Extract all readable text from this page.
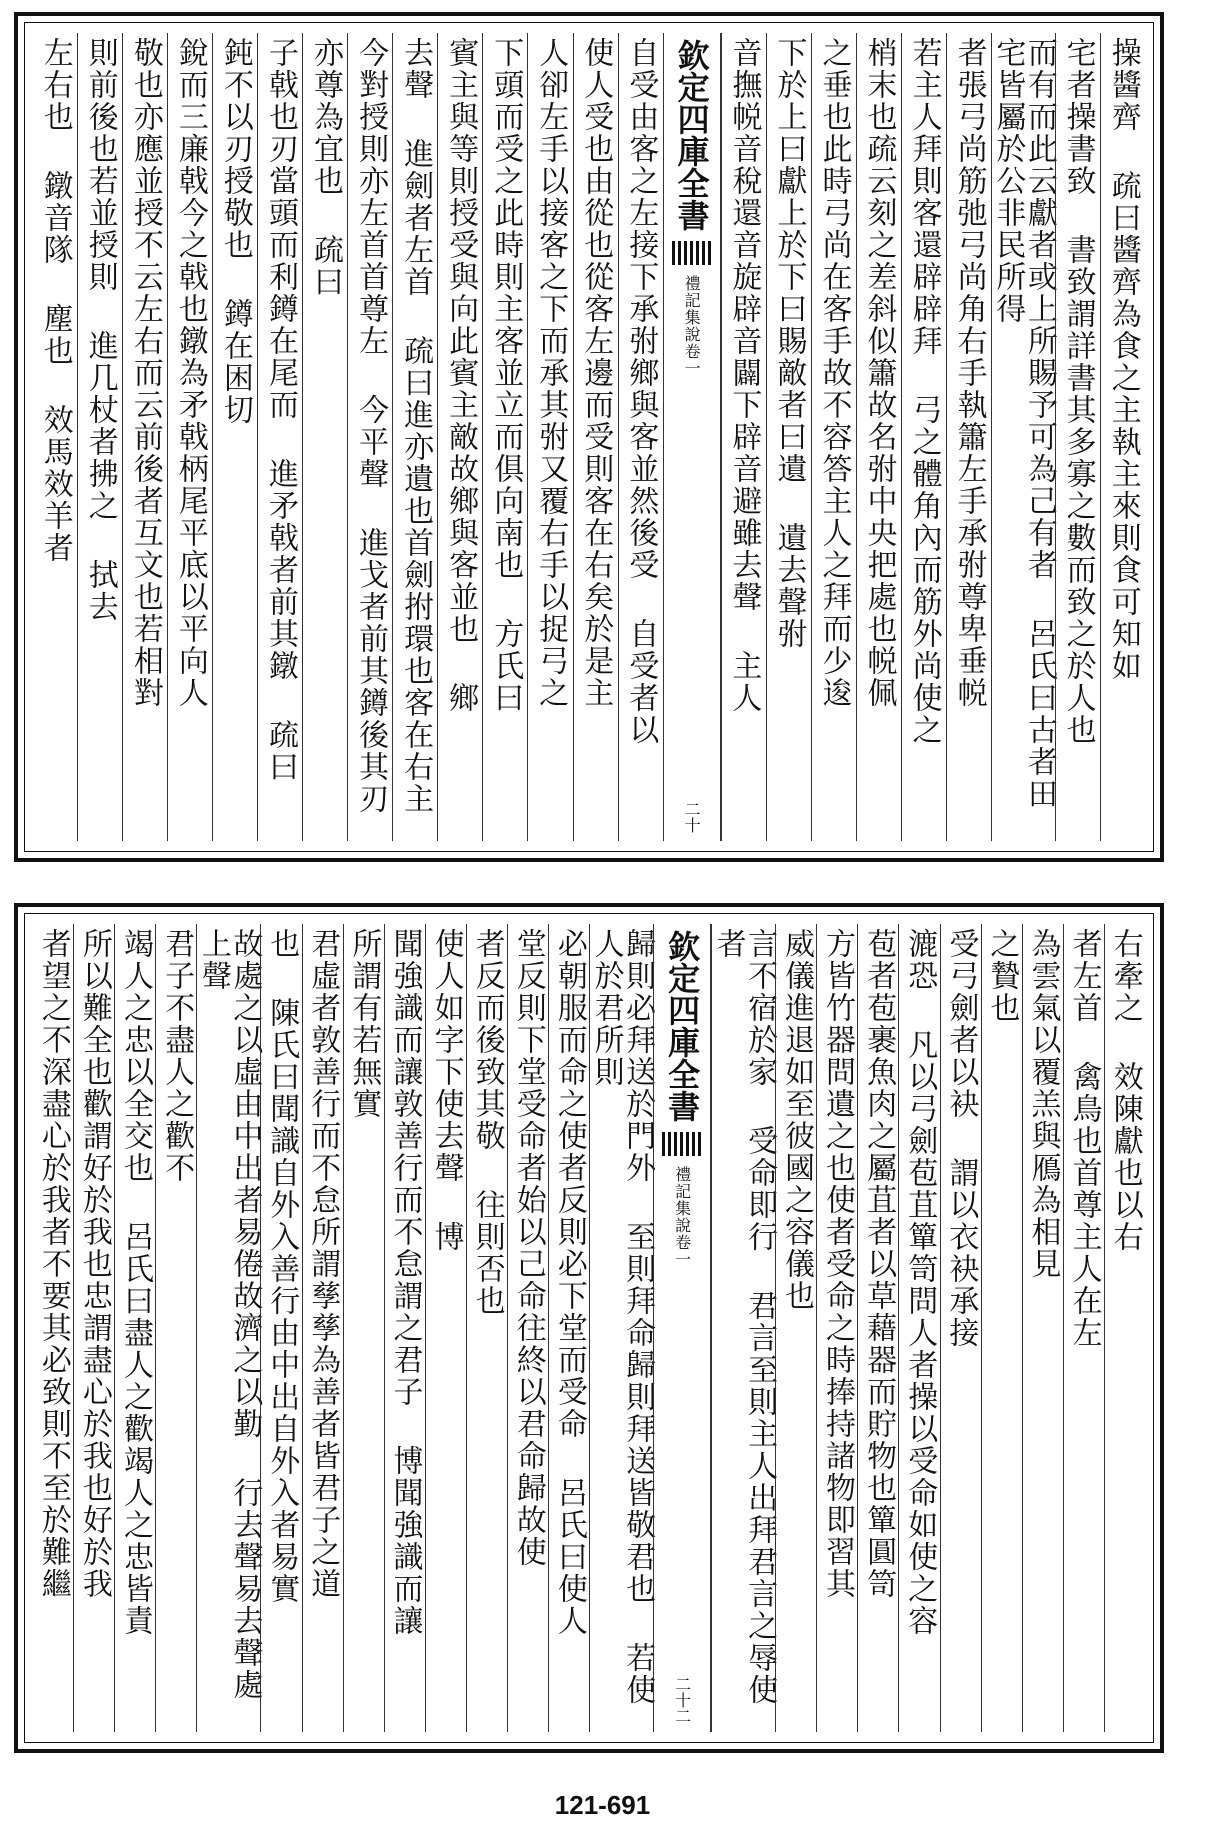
操醬齊 疏曰醬齊為食之主執主來則食可知如
宅者操書致 書致謂詳書其多寡之數而致之於人也
而有而此云獻者或上所賜予可為己有者 呂氏曰古者田宅皆屬於公非民所得
者張弓尚筋弛弓尚角右手執簫左手承弣尊卑垂帨
若主人拜則客還辟辟拜 弓之體角內而筋外尚使之
梢末也疏云刻之差斜似簫故名弣中央把處也帨佩
之垂也此時弓尚在客手故不容答主人之拜而少逡
下於上曰獻上於下曰賜敵者曰遺 遺去聲弣
音撫帨音稅還音旋辟音闢下辟音避雖去聲 主人
欽定四庫全書
禮記集說
卷一
二十
自受由客之左接下承弣鄉與客並然後受 自受者以
使人受也由從也從客左邊而受則客在右矣於是主
人卻左手以接客之下而承其弣又覆右手以捉弓之
下頭而受之此時則主客並立而俱向南也 方氏曰
賓主與等則授受與向此賓主敵故鄉與客並也 鄉
去聲 進劍者左首 疏曰進亦遺也首劍拊環也客在右主
今對授則亦左首首尊左 今平聲 進戈者前其鐏後其刃
亦尊為宜也 疏曰
子戟也刃當頭而利鐏在尾而 進矛戟者前其鐓 疏曰
鈍不以刃授敬也 鐏在困切
銳而三廉戟今之戟也鐓為矛戟柄尾平底以平向人
敬也亦應並授不云左右而云前後者互文也若相對
則前後也若並授則 進几杖者拂之 拭去
左右也 鐓音隊 塵也 效馬效羊者
右牽之 效陳獻也以右
者左首 禽鳥也首尊主人在左
為雲氣以覆羔與鴈為相見
之贄也
受弓劍者以袂 謂以衣袂承接
漉恐 凡以弓劍苞苴簞笥問人者操以受命如使之容
苞者苞裹魚肉之屬苴者以草藉器而貯物也簞圓笥
方皆竹器問遺之也使者受命之時捧持諸物即習其
威儀進退如至彼國之容儀也
言不宿於家 受命即行 君言至則主人出拜君言之辱使者
欽定四庫全書
禮記集說
卷一
二十二
歸則必拜送於門外 至則拜命歸則拜送皆敬君也 若使人於君所則
必朝服而命之使者反則必下堂而受命 呂氏曰使人
堂反則下堂受命者始以己命往終以君命歸故使
者反而後致其敬 往則否也
使人如字下使去聲 博
聞強識而讓敦善行而不怠謂之君子 博聞強識而讓
所謂有若無實
君虛者敦善行而不怠所謂孳孳為善者皆君子之道
也 陳氏曰聞識自外入善行由中出自外入者易實
故處之以虛由中出者易倦故濟之以勤 行去聲易去聲處上聲
君子不盡人之歡不
竭人之忠以全交也 呂氏曰盡人之歡竭人之忠皆責
所以難全也歡謂好於我也忠謂盡心於我也好於我
者望之不深盡心於我者不要其必致則不至於難繼
121-691
